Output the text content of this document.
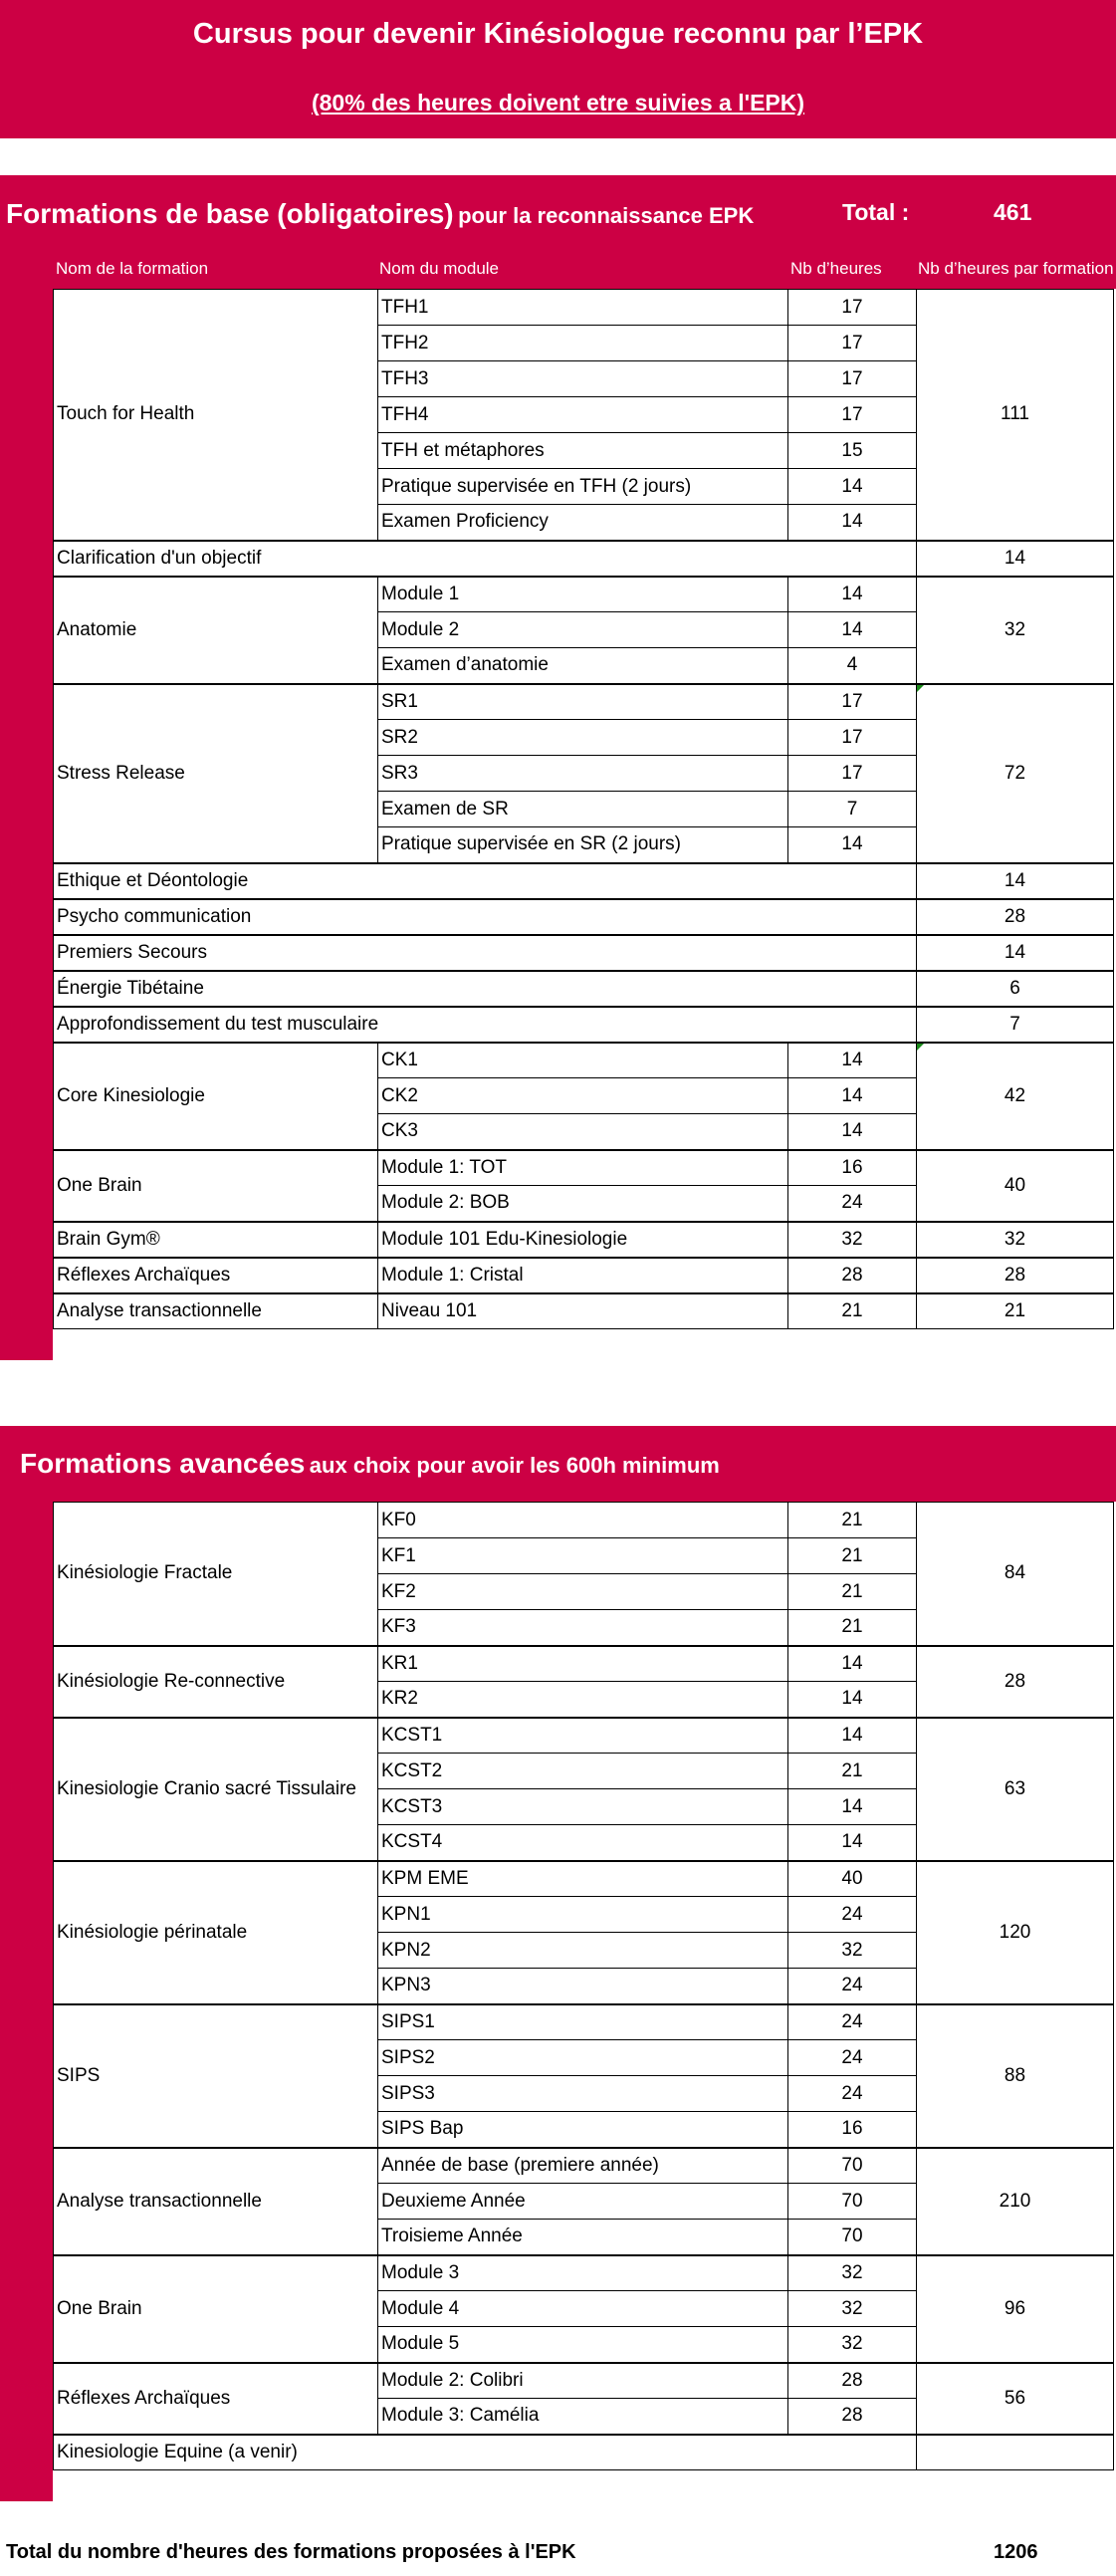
Cursus pour devenir Kinésiologue reconnu par l’EPK
(80% des heures doivent etre suivies a l'EPK)
Formations de base (obligatoires) pour la reconnaissance EPK	Total :	461
Nom de la formation	Nom du module	Nb d’heures Nb d’heures par formation
Touch for Health	TFH1	17	111
	TFH2	17	
	TFH3	17	
	TFH4	17	
	TFH et métaphores	15	
	Pratique supervisée en TFH (2 jours)	14	
	Examen Proficiency	14	
Clarification d'un objectif			14
Anatomie	Module 1	14	32
	Module 2	14	
	Examen d’anatomie	4	
Stress Release	SR1	17	72

	SR2	17	
	SR3	17	
	Examen de SR	7	
	Pratique supervisée en SR (2 jours)	14	
Ethique et Déontologie			14
Psycho communication			28
Premiers Secours			14
Énergie Tibétaine			6
Approfondissement du test musculaire			7
Core Kinesiologie	CK1	14	42

	CK2	14	
	CK3	14	
One Brain	Module 1: TOT	16	40
	Module 2: BOB	24	
Brain Gym®	Module 101 Edu-Kinesiologie	32	32
Réflexes Archaïques	Module 1: Cristal	28	28
Analyse transactionnelle	Niveau 101	21	21
Formations avancées aux choix pour avoir les 600h minimum
Kinésiologie Fractale	KF0	21	84
	KF1	21	
	KF2	21	
	KF3	21	
Kinésiologie Re-connective	KR1	14	28
	KR2	14	
Kinesiologie Cranio sacré Tissulaire	KCST1	14	63
	KCST2	21	
	KCST3	14	
	KCST4	14	
Kinésiologie périnatale	KPM EME	40	120
	KPN1	24	
	KPN2	32	
	KPN3	24	
SIPS	SIPS1	24	88
	SIPS2	24	
	SIPS3	24	
	SIPS Bap	16	
Analyse transactionnelle	Année de base (premiere année)	70	210
	Deuxieme Année	70	
	Troisieme Année	70	
One Brain	Module 3	32	96
	Module 4	32	
	Module 5	32	
Réflexes Archaïques	Module 2: Colibri	28	56
	Module 3: Camélia	28	
Kinesiologie Equine (a venir)			
Total du nombre d'heures des formations proposées à l'EPK	1206
